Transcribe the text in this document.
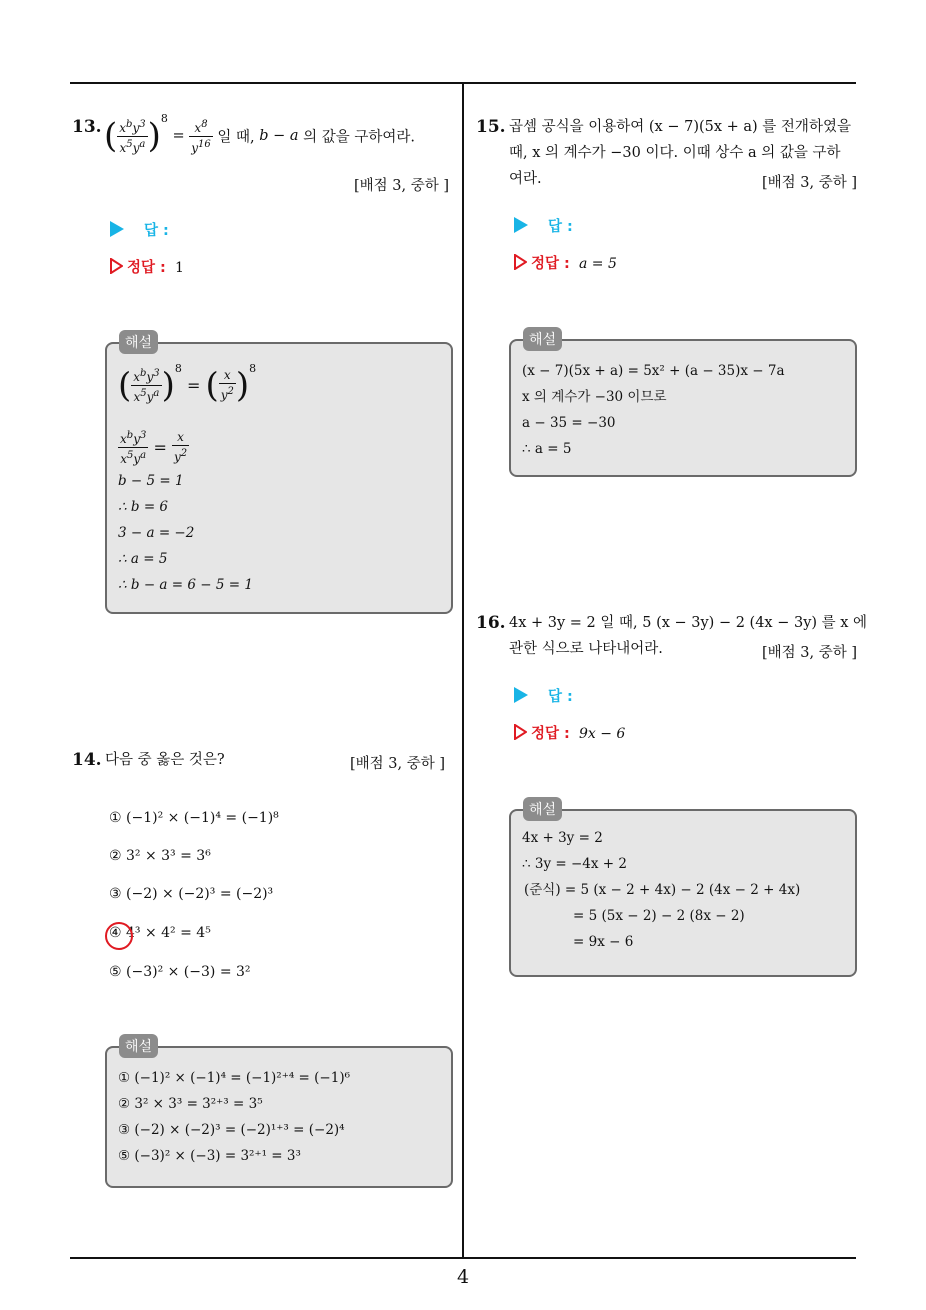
13. ( $\frac{x^by^3}{x^5y^a} )^8 = \frac{x^8}{y^{16}}$ 일 때, b − a 의 값을 구하여라.
[배점 3, 중하 ]
답 :
정답 : 1
해설
( $\frac{x^by^3}{x^5y^a} )^8$ = ( $\frac{x}{y^2} )^8$
$\frac{x^by^3}{x^5y^a} = \frac{x}{y^2}$
b − 5 = 1
∴ b = 6
3 − a = −2
∴ a = 5
∴ b − a = 6 − 5 = 1
14. 다음 중 옳은 것은?	[배점 3, 중하 ]
① (−1)² × (−1)⁴ = (−1)⁸
② 3² × 3³ = 3⁶
③ (−2) × (−2)³ = (−2)³
④ 4³ × 4² = 4⁵
⑤ (−3)² × (−3) = 3²
해설
① (−1)² × (−1)⁴ = (−1)²⁺⁴ = (−1)⁶
② 3² × 3³ = 3²⁺³ = 3⁵
③ (−2) × (−2)³ = (−2)¹⁺³ = (−2)⁴
⑤ (−3)² × (−3) = 3²⁺¹ = 3³
15. 곱셈 공식을 이용하여 (x − 7)(5x + a) 를 전개하였을
때, x 의 계수가 −30 이다. 이때 상수 a 의 값을 구하
여라.	[배점 3, 중하 ]
답 :
정답 : a = 5
해설
(x − 7)(5x + a) = 5x² + (a − 35)x − 7a
x 의 계수가 −30 이므로
a − 35 = −30
∴ a = 5
16. 4x + 3y = 2 일 때, 5 (x − 3y) − 2 (4x − 3y) 를 x 에
관한 식으로 나타내어라.	[배점 3, 중하 ]
답 :
정답 : 9x − 6
해설
4x + 3y = 2
∴ 3y = −4x + 2
(준식) = 5 (x − 2 + 4x) − 2 (4x − 2 + 4x)
= 5 (5x − 2) − 2 (8x − 2)
= 9x − 6
4
